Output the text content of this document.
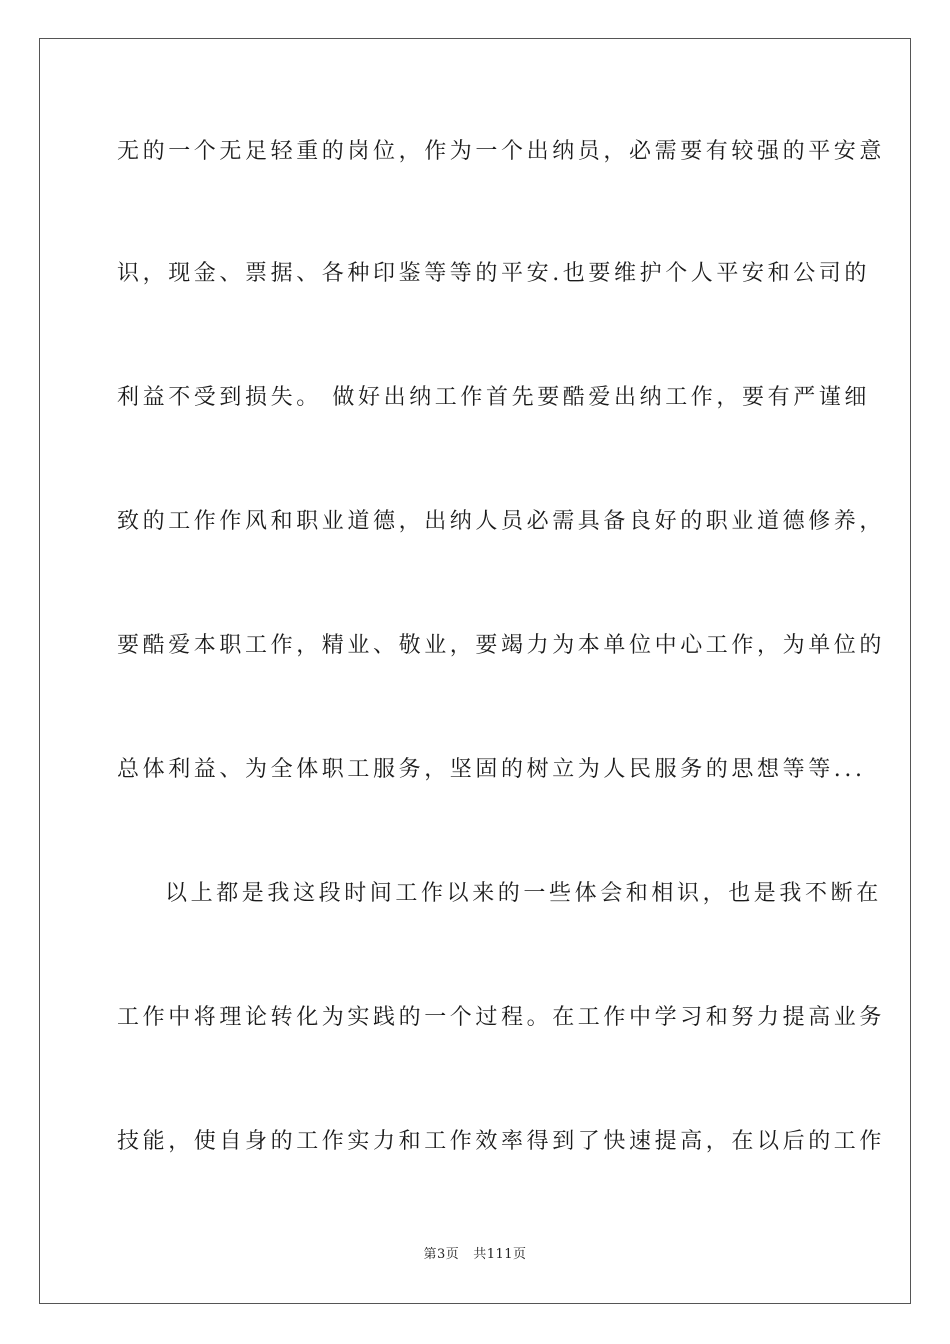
无的一个无足轻重的岗位，作为一个出纳员，必需要有较强的平安意
识，现金、票据、各种印鉴等等的平安.也要维护个人平安和公司的
利益不受到损失。 做好出纳工作首先要酷爱出纳工作，要有严谨细
致的工作作风和职业道德，出纳人员必需具备良好的职业道德修养，
要酷爱本职工作，精业、敬业，要竭力为本单位中心工作，为单位的
总体利益、为全体职工服务，坚固的树立为人民服务的思想等等...
以上都是我这段时间工作以来的一些体会和相识，也是我不断在
工作中将理论转化为实践的一个过程。在工作中学习和努力提高业务
技能，使自身的工作实力和工作效率得到了快速提高，在以后的工作
第3页 共111页
